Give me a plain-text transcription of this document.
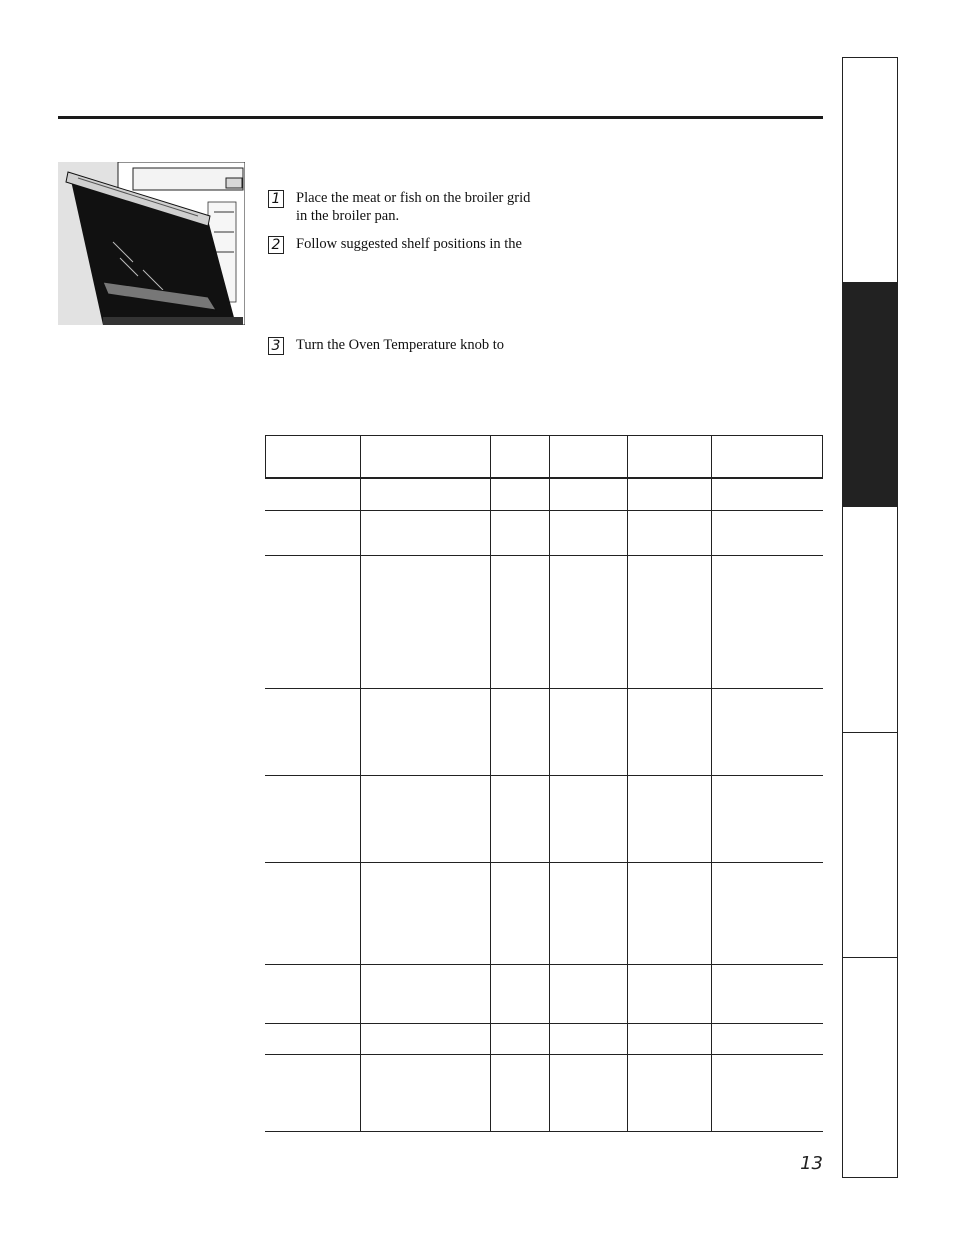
1 Place the meat or fish on the broiler grid in the broiler pan.
2 Follow suggested shelf positions in the
3 Turn the Oven Temperature knob to
13
